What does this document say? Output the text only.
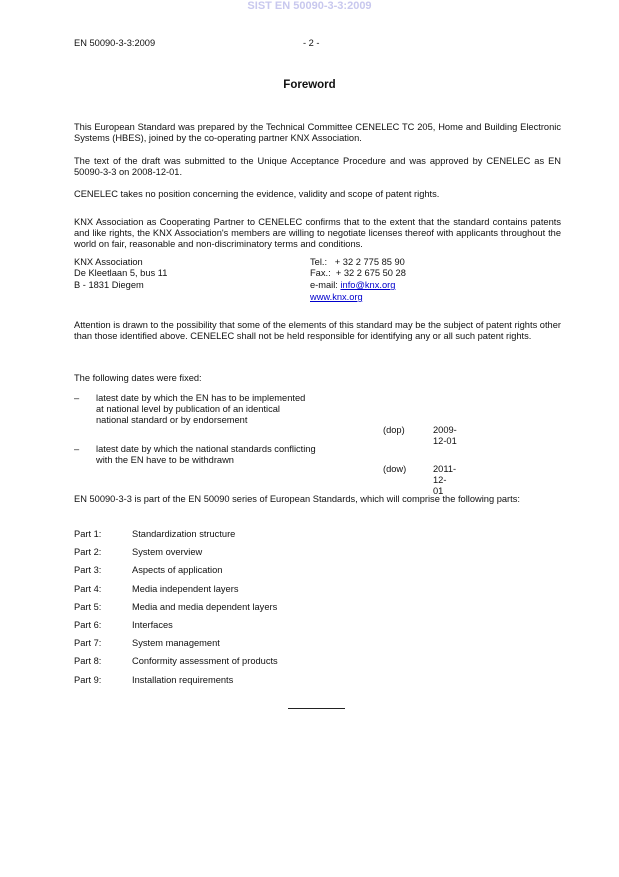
SIST EN 50090-3-3:2009
EN 50090-3-3:2009	- 2 -
Foreword
This European Standard was prepared by the Technical Committee CENELEC TC 205, Home and Building Electronic Systems (HBES), joined by the co-operating partner KNX Association.
The text of the draft was submitted to the Unique Acceptance Procedure and was approved by CENELEC as EN 50090-3-3 on 2008-12-01.
CENELEC takes no position concerning the evidence, validity and scope of patent rights.
KNX Association as Cooperating Partner to CENELEC confirms that to the extent that the standard contains patents and like rights, the KNX Association's members are willing to negotiate licenses thereof with applicants throughout the world on fair, reasonable and non-discriminatory terms and conditions.
KNX Association
De Kleetlaan 5, bus 11
B - 1831 Diegem
Tel.:   + 32 2 775 85 90
Fax.:  + 32 2 675 50 28
e-mail: info@knx.org
www.knx.org
Attention is drawn to the possibility that some of the elements of this standard may be the subject of patent rights other than those identified above. CENELEC shall not be held responsible for identifying any or all such patent rights.
The following dates were fixed:
– latest date by which the EN has to be implemented
at national level by publication of an identical
national standard or by endorsement
(dop)	2009-12-01
– latest date by which the national standards conflicting
with the EN have to be withdrawn
(dow)	2011-12-01
EN 50090-3-3 is part of the EN 50090 series of European Standards, which will comprise the following parts:
Part 1:	Standardization structure
Part 2:	System overview
Part 3:	Aspects of application
Part 4:	Media independent layers
Part 5:	Media and media dependent layers
Part 6:	Interfaces
Part 7:	System management
Part 8:	Conformity assessment of products
Part 9:	Installation requirements
